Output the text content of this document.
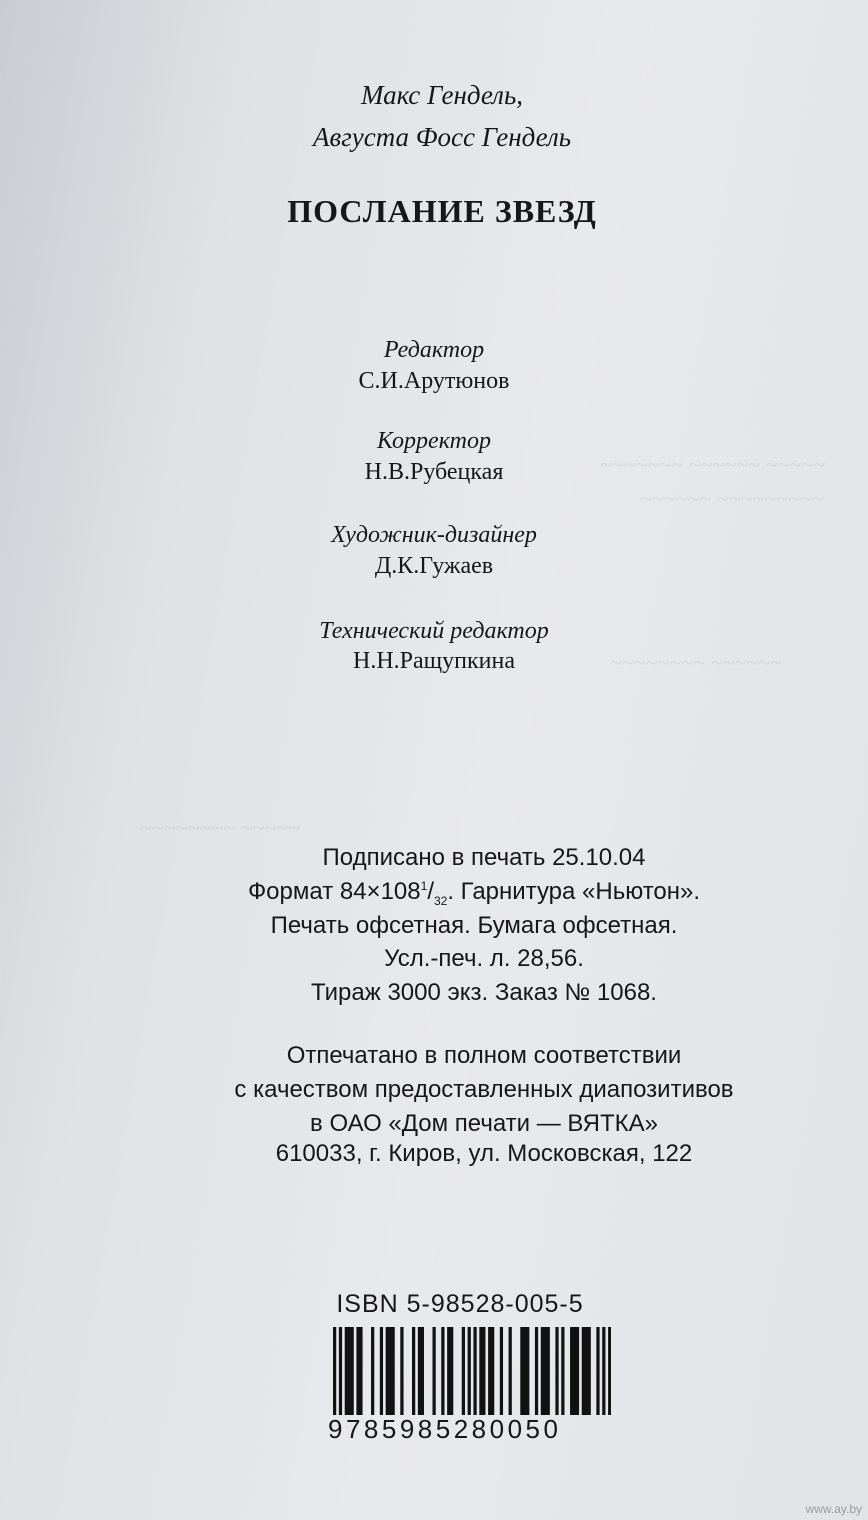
~~~~~~~ ~~~~~~ ~~~~~
~~~~~~ ~~~~~~~~~
~~~~~~~~ ~~~~~~
~~~~~~~~ ~~~~~
Макс Гендель,
Августа Фосс Гендель
ПОСЛАНИЕ ЗВЕЗД
Редактор
С.И.Арутюнов
Корректор
Н.В.Рубецкая
Художник-дизайнер
Д.К.Гужаев
Технический редактор
Н.Н.Ращупкина
Подписано в печать 25.10.04
Формат $84\times 108^1/_{32}$. Гарнитура «Ньютон».
Печать офсетная. Бумага офсетная.
Усл.-печ. л. 28,56.
Тираж 3000 экз. Заказ № 1068.
Отпечатано в полном соответствии
с качеством предоставленных диапозитивов
в ОАО «Дом печати — ВЯТКА»
610033, г. Киров, ул. Московская, 122
ISBN 5-98528-005-5
9785985280050
www.ay.by
